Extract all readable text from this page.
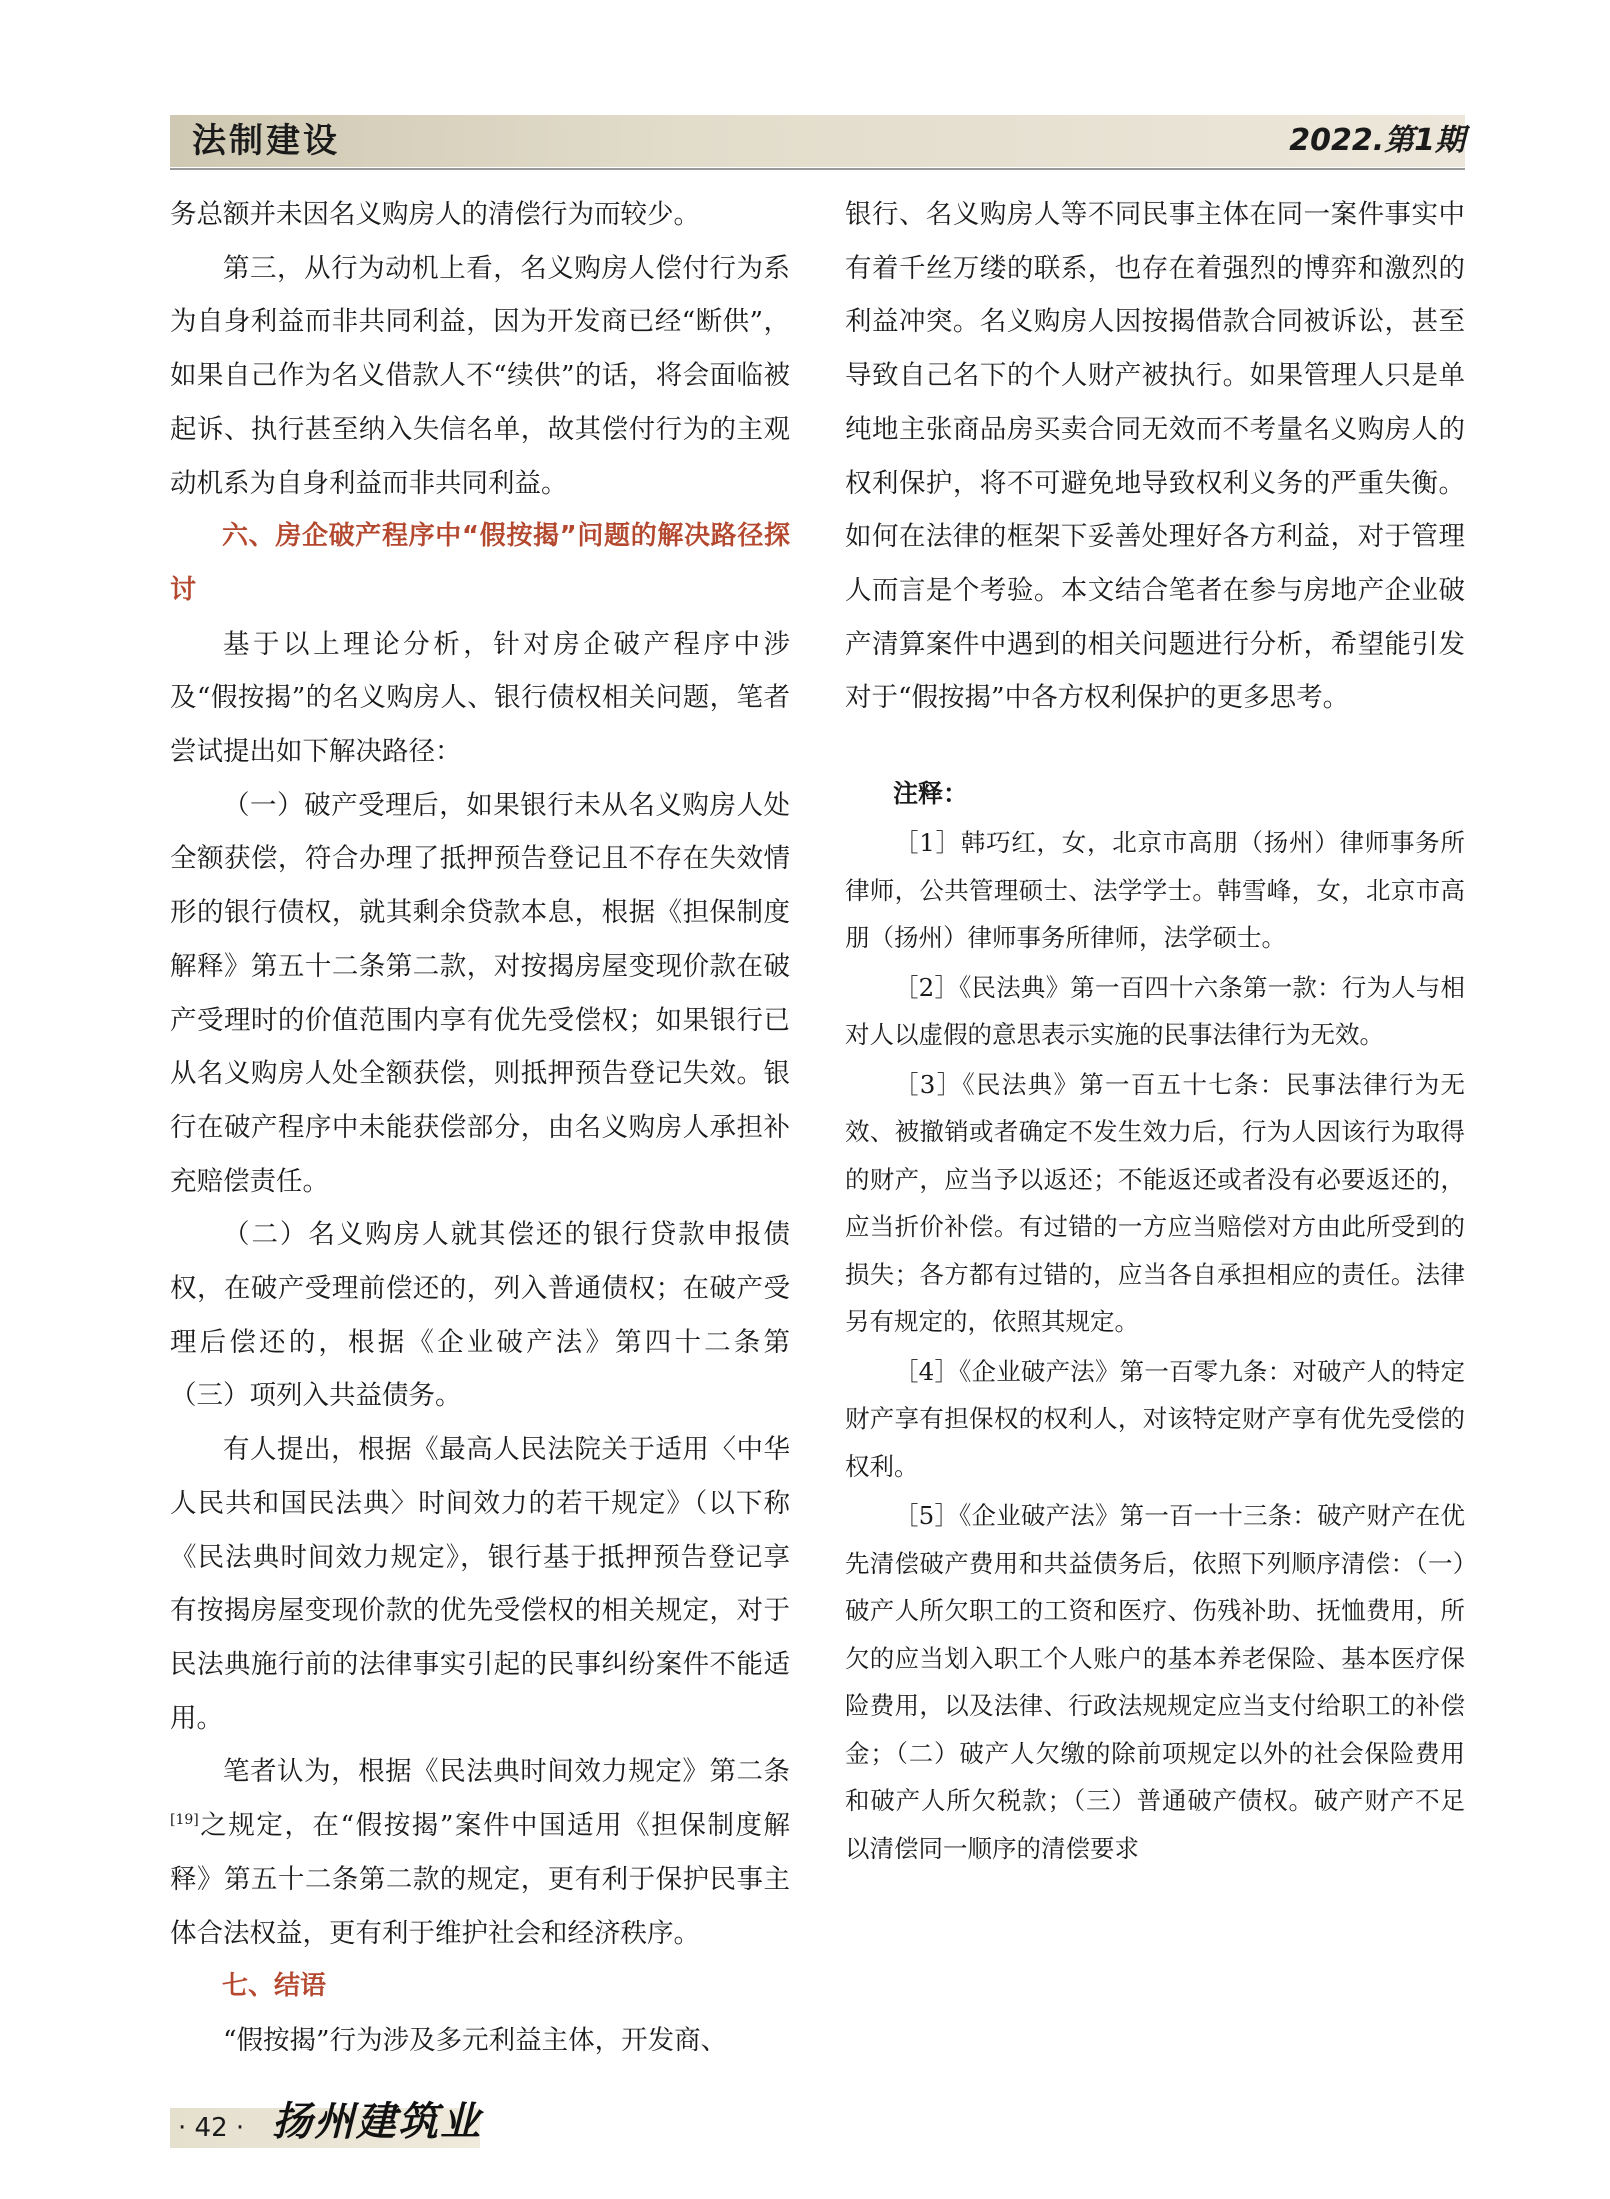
法制建设	2022.第1期

务总额并未因名义购房人的清偿行为而较少。

第三，从行为动机上看，名义购房人偿付行为系为自身利益而非共同利益，因为开发商已经“断供”，如果自己作为名义借款人不“续供”的话，将会面临被起诉、执行甚至纳入失信名单，故其偿付行为的主观动机系为自身利益而非共同利益。

六、房企破产程序中“假按揭”问题的解决路径探讨

基于以上理论分析，针对房企破产程序中涉及“假按揭”的名义购房人、银行债权相关问题，笔者尝试提出如下解决路径：

（一）破产受理后，如果银行未从名义购房人处全额获偿，符合办理了抵押预告登记且不存在失效情形的银行债权，就其剩余贷款本息，根据《担保制度解释》第五十二条第二款，对按揭房屋变现价款在破产受理时的价值范围内享有优先受偿权；如果银行已从名义购房人处全额获偿，则抵押预告登记失效。银行在破产程序中未能获偿部分，由名义购房人承担补充赔偿责任。

（二）名义购房人就其偿还的银行贷款申报债权，在破产受理前偿还的，列入普通债权；在破产受理后偿还的，根据《企业破产法》第四十二条第（三）项列入共益债务。

有人提出，根据《最高人民法院关于适用〈中华人民共和国民法典〉时间效力的若干规定》（以下称《民法典时间效力规定》，银行基于抵押预告登记享有按揭房屋变现价款的优先受偿权的相关规定，对于民法典施行前的法律事实引起的民事纠纷案件不能适用。

笔者认为，根据《民法典时间效力规定》第二条[19]之规定，在“假按揭”案件中国适用《担保制度解释》第五十二条第二款的规定，更有利于保护民事主体合法权益，更有利于维护社会和经济秩序。

七、结语

“假按揭”行为涉及多元利益主体，开发商、

银行、名义购房人等不同民事主体在同一案件事实中有着千丝万缕的联系，也存在着强烈的博弈和激烈的利益冲突。名义购房人因按揭借款合同被诉讼，甚至导致自己名下的个人财产被执行。如果管理人只是单纯地主张商品房买卖合同无效而不考量名义购房人的权利保护，将不可避免地导致权利义务的严重失衡。如何在法律的框架下妥善处理好各方利益，对于管理人而言是个考验。本文结合笔者在参与房地产企业破产清算案件中遇到的相关问题进行分析，希望能引发对于“假按揭”中各方权利保护的更多思考。

注释：

［1］韩巧红，女，北京市高朋（扬州）律师事务所律师，公共管理硕士、法学学士。韩雪峰，女，北京市高朋（扬州）律师事务所律师，法学硕士。

［2］《民法典》第一百四十六条第一款：行为人与相对人以虚假的意思表示实施的民事法律行为无效。

［3］《民法典》第一百五十七条：民事法律行为无效、被撤销或者确定不发生效力后，行为人因该行为取得的财产，应当予以返还；不能返还或者没有必要返还的，应当折价补偿。有过错的一方应当赔偿对方由此所受到的损失；各方都有过错的，应当各自承担相应的责任。法律另有规定的，依照其规定。

［4］《企业破产法》第一百零九条：对破产人的特定财产享有担保权的权利人，对该特定财产享有优先受偿的权利。

［5］《企业破产法》第一百一十三条：破产财产在优先清偿破产费用和共益债务后，依照下列顺序清偿：（一）破产人所欠职工的工资和医疗、伤残补助、抚恤费用，所欠的应当划入职工个人账户的基本养老保险、基本医疗保险费用，以及法律、行政法规规定应当支付给职工的补偿金；（二）破产人欠缴的除前项规定以外的社会保险费用和破产人所欠税款；（三）普通破产债权。破产财产不足以清偿同一顺序的清偿要求

· 42 · 扬州建筑业
